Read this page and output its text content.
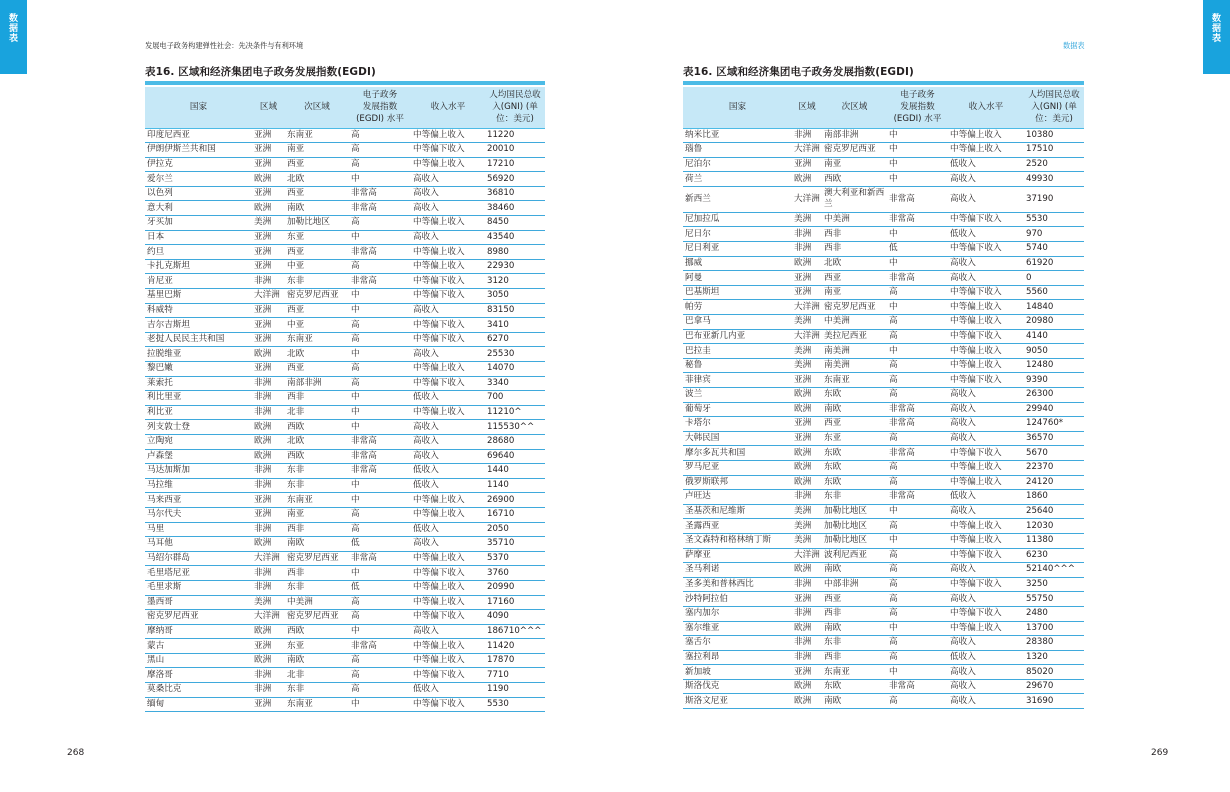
数
据
表
发展电子政务构建弹性社会：先决条件与有利环境
表16. 区域和经济集团电子政务发展指数(EGDI)
国家	区域	次区域	电子政务
发展指数
(EGDI) 水平	收入水平	人均国民总收
入(GNI) (单
位：美元)
印度尼西亚	亚洲	东南亚	高	中等偏上收入	11220
伊朗伊斯兰共和国	亚洲	南亚	高	中等偏下收入	20010
伊拉克	亚洲	西亚	高	中等偏上收入	17210
爱尔兰	欧洲	北欧	中	高收入	56920
以色列	亚洲	西亚	非常高	高收入	36810
意大利	欧洲	南欧	非常高	高收入	38460
牙买加	美洲	加勒比地区	高	中等偏上收入	8450
日本	亚洲	东亚	中	高收入	43540
约旦	亚洲	西亚	非常高	中等偏上收入	8980
卡扎克斯坦	亚洲	中亚	高	中等偏上收入	22930
肯尼亚	非洲	东非	非常高	中等偏下收入	3120
基里巴斯	大洋洲	密克罗尼西亚	中	中等偏下收入	3050
科威特	亚洲	西亚	中	高收入	83150
吉尔吉斯坦	亚洲	中亚	高	中等偏下收入	3410
老挝人民民主共和国	亚洲	东南亚	高	中等偏下收入	6270
拉脱维亚	欧洲	北欧	中	高收入	25530
黎巴嫩	亚洲	西亚	高	中等偏上收入	14070
莱索托	非洲	南部非洲	高	中等偏下收入	3340
利比里亚	非洲	西非	中	低收入	700
利比亚	非洲	北非	中	中等偏上收入	11210^
列支敦士登	欧洲	西欧	中	高收入	115530^^
立陶宛	欧洲	北欧	非常高	高收入	28680
卢森堡	欧洲	西欧	非常高	高收入	69640
马达加斯加	非洲	东非	非常高	低收入	1440
马拉维	非洲	东非	中	低收入	1140
马来西亚	亚洲	东南亚	中	中等偏上收入	26900
马尔代夫	亚洲	南亚	高	中等偏上收入	16710
马里	非洲	西非	高	低收入	2050
马耳他	欧洲	南欧	低	高收入	35710
马绍尔群岛	大洋洲	密克罗尼西亚	非常高	中等偏上收入	5370
毛里塔尼亚	非洲	西非	中	中等偏下收入	3760
毛里求斯	非洲	东非	低	中等偏上收入	20990
墨西哥	美洲	中美洲	高	中等偏上收入	17160
密克罗尼西亚	大洋洲	密克罗尼西亚	高	中等偏下收入	4090
摩纳哥	欧洲	西欧	中	高收入	186710^^^
蒙古	亚洲	东亚	非常高	中等偏上收入	11420
黑山	欧洲	南欧	高	中等偏上收入	17870
摩洛哥	非洲	北非	高	中等偏下收入	7710
莫桑比克	非洲	东非	高	低收入	1190
缅甸	亚洲	东南亚	中	中等偏下收入	5530
268
数
据
表
数据表
表16. 区域和经济集团电子政务发展指数(EGDI)
国家	区域	次区域	电子政务
发展指数
(EGDI) 水平	收入水平	人均国民总收
入(GNI) (单
位：美元)
纳米比亚	非洲	南部非洲	中	中等偏上收入	10380
瑙鲁	大洋洲	密克罗尼西亚	中	中等偏上收入	17510
尼泊尔	亚洲	南亚	中	低收入	2520
荷兰	欧洲	西欧	中	高收入	49930
新西兰	大洋洲	澳大利亚和新西兰	非常高	高收入	37190
尼加拉瓜	美洲	中美洲	非常高	中等偏下收入	5530
尼日尔	非洲	西非	中	低收入	970
尼日利亚	非洲	西非	低	中等偏下收入	5740
挪威	欧洲	北欧	中	高收入	61920
阿曼	亚洲	西亚	非常高	高收入	0
巴基斯坦	亚洲	南亚	高	中等偏下收入	5560
帕劳	大洋洲	密克罗尼西亚	中	中等偏上收入	14840
巴拿马	美洲	中美洲	高	中等偏上收入	20980
巴布亚新几内亚	大洋洲	美拉尼西亚	高	中等偏下收入	4140
巴拉圭	美洲	南美洲	中	中等偏上收入	9050
秘鲁	美洲	南美洲	高	中等偏上收入	12480
菲律宾	亚洲	东南亚	高	中等偏下收入	9390
波兰	欧洲	东欧	高	高收入	26300
葡萄牙	欧洲	南欧	非常高	高收入	29940
卡塔尔	亚洲	西亚	非常高	高收入	124760*
大韩民国	亚洲	东亚	高	高收入	36570
摩尔多瓦共和国	欧洲	东欧	非常高	中等偏下收入	5670
罗马尼亚	欧洲	东欧	高	中等偏上收入	22370
俄罗斯联邦	欧洲	东欧	高	中等偏上收入	24120
卢旺达	非洲	东非	非常高	低收入	1860
圣基茨和尼维斯	美洲	加勒比地区	中	高收入	25640
圣露西亚	美洲	加勒比地区	高	中等偏上收入	12030
圣文森特和格林纳丁斯	美洲	加勒比地区	中	中等偏上收入	11380
萨摩亚	大洋洲	波利尼西亚	高	中等偏下收入	6230
圣马利诺	欧洲	南欧	高	高收入	52140^^^
圣多美和普林西比	非洲	中部非洲	高	中等偏下收入	3250
沙特阿拉伯	亚洲	西亚	高	高收入	55750
塞内加尔	非洲	西非	高	中等偏下收入	2480
塞尔维亚	欧洲	南欧	中	中等偏上收入	13700
塞舌尔	非洲	东非	高	高收入	28380
塞拉利昂	非洲	西非	高	低收入	1320
新加坡	亚洲	东南亚	中	高收入	85020
斯洛伐克	欧洲	东欧	非常高	高收入	29670
斯洛文尼亚	欧洲	南欧	高	高收入	31690
269
